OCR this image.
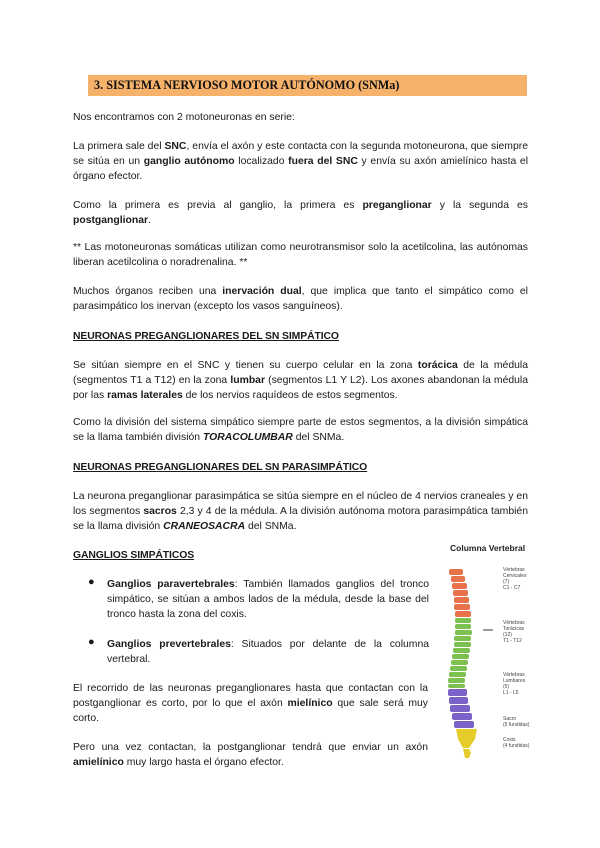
3. SISTEMA NERVIOSO MOTOR AUTÓNOMO (SNMa)

Nos encontramos con 2 motoneuronas en serie:

La primera sale del SNC, envía el axón y este contacta con la segunda motoneurona, que siempre se sitúa en un ganglio autónomo localizado fuera del SNC y envía su axón amielínico hasta el órgano efector.

Como la primera es previa al ganglio, la primera es preganglionar y la segunda es postganglionar.

** Las motoneuronas somáticas utilizan como neurotransmisor solo la acetilcolina, las autónomas liberan acetilcolina o noradrenalina. **

Muchos órganos reciben una inervación dual, que implica que tanto el simpático como el parasimpático los inervan (excepto los vasos sanguíneos).

NEURONAS PREGANGLIONARES DEL SN SIMPÁTICO

Se sitúan siempre en el SNC y tienen su cuerpo celular en la zona torácica de la médula (segmentos T1 a T12) en la zona lumbar (segmentos L1 Y L2). Los axones abandonan la médula por las ramas laterales de los nervios raquídeos de estos segmentos.

Como la división del sistema simpático siempre parte de estos segmentos, a la división simpática se la llama también división TORACOLUMBAR del SNMa.

NEURONAS PREGANGLIONARES DEL SN PARASIMPÁTICO

La neurona preganglionar parasimpática se sitúa siempre en el núcleo de 4 nervios craneales y en los segmentos sacros 2,3 y 4 de la médula. A la división autónoma motora parasimpática también se la llama división CRANEOSACRA del SNMa.

GANGLIOS SIMPÁTICOS
● Ganglios paravertebrales: También llamados ganglios del tronco simpático, se sitúan a ambos lados de la médula, desde la base del tronco hasta la zona del coxis.

● Ganglios prevertebrales: Situados por delante de la columna vertebral.

El recorrido de las neuronas preganglionares hasta que contactan con la postganglionar es corto, por lo que el axón mielínico que sale será muy corto.

Pero una vez contactan, la postganglionar tendrá que enviar un axón amielínico muy largo hasta el órgano efector.

Columna Vertebral
Vértebras
Cervicales
(7)
C1 - C7
Vértebras
Torácicas
(12)
T1 - T12
Vértebras
Lumbares
(5)
L1 - L5
Sacro
(5 fundidas)
Coxis
(4 fundidas)
